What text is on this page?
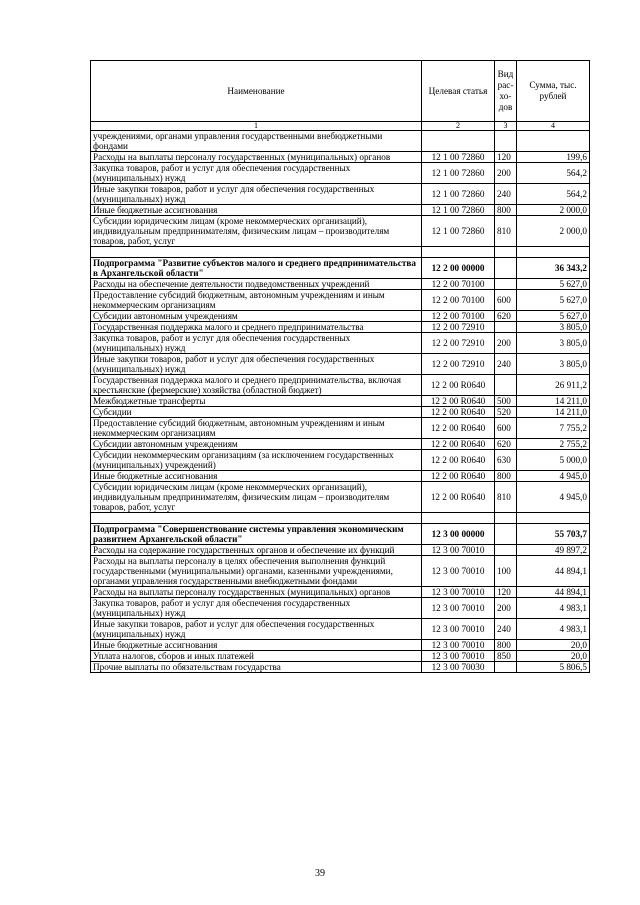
Наименование	Целевая статья	Вид рас- хо- дов	Сумма, тыс. рублей
1	2	3	4
учреждениями, органами управления государственными внебюджетными фондами			
Расходы на выплаты персоналу государственных (муниципальных) органов	12 1 00 72860	120	199,6
Закупка товаров, работ и услуг для обеспечения государственных (муниципальных) нужд	12 1 00 72860	200	564,2
Иные закупки товаров, работ и услуг для обеспечения государственных (муниципальных) нужд	12 1 00 72860	240	564,2
Иные бюджетные ассигнования	12 1 00 72860	800	2 000,0
Субсидии юридическим лицам (кроме некоммерческих организаций), индивидуальным предпринимателям, физическим лицам – производителям товаров, работ, услуг	12 1 00 72860	810	2 000,0

Подпрограмма "Развитие субъектов малого и среднего предпринимательства в Архангельской области"	12 2 00 00000		36 343,2
Расходы на обеспечение деятельности подведомственных учреждений	12 2 00 70100		5 627,0
Предоставление субсидий бюджетным, автономным учреждениям и иным некоммерческим организациям	12 2 00 70100	600	5 627,0
Субсидии автономным учреждениям	12 2 00 70100	620	5 627,0
Государственная поддержка малого и среднего предпринимательства	12 2 00 72910		3 805,0
Закупка товаров, работ и услуг для обеспечения государственных (муниципальных) нужд	12 2 00 72910	200	3 805,0
Иные закупки товаров, работ и услуг для обеспечения государственных (муниципальных) нужд	12 2 00 72910	240	3 805,0
Государственная поддержка малого и среднего предпринимательства, включая крестьянские (фермерские) хозяйства (областной бюджет)	12 2 00 R0640		26 911,2
Межбюджетные трансферты	12 2 00 R0640	500	14 211,0
Субсидии	12 2 00 R0640	520	14 211,0
Предоставление субсидий бюджетным, автономным учреждениям и иным некоммерческим организациям	12 2 00 R0640	600	7 755,2
Субсидии автономным учреждениям	12 2 00 R0640	620	2 755,2
Субсидии некоммерческим организациям (за исключением государственных (муниципальных) учреждений)	12 2 00 R0640	630	5 000,0
Иные бюджетные ассигнования	12 2 00 R0640	800	4 945,0
Субсидии юридическим лицам (кроме некоммерческих организаций), индивидуальным предпринимателям, физическим лицам – производителям товаров, работ, услуг	12 2 00 R0640	810	4 945,0

Подпрограмма "Совершенствование системы управления экономическим развитием Архангельской области"	12 3 00 00000		55 703,7
Расходы на содержание государственных органов и обеспечение их функций	12 3 00 70010		49 897,2
Расходы на выплаты персоналу в целях обеспечения выполнения функций государственными (муниципальными) органами, казенными учреждениями, органами управления государственными внебюджетными фондами	12 3 00 70010	100	44 894,1
Расходы на выплаты персоналу государственных (муниципальных) органов	12 3 00 70010	120	44 894,1
Закупка товаров, работ и услуг для обеспечения государственных (муниципальных) нужд	12 3 00 70010	200	4 983,1
Иные закупки товаров, работ и услуг для обеспечения государственных (муниципальных) нужд	12 3 00 70010	240	4 983,1
Иные бюджетные ассигнования	12 3 00 70010	800	20,0
Уплата налогов, сборов и иных платежей	12 3 00 70010	850	20,0
Прочие выплаты по обязательствам государства	12 3 00 70030		5 806,5
39
